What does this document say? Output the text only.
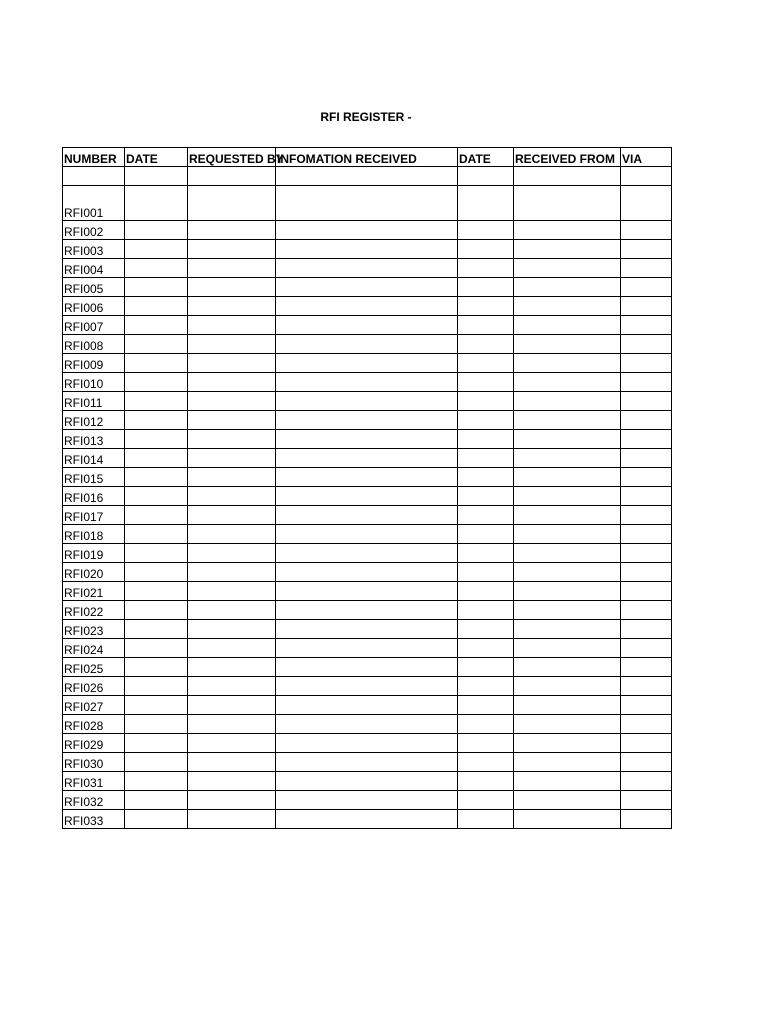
RFI REGISTER -
NUMBER	DATE	REQUESTED BY	INFOMATION RECEIVED	DATE	RECEIVED FROM	VIA

RFI001						
RFI002						
RFI003						
RFI004						
RFI005						
RFI006						
RFI007						
RFI008						
RFI009						
RFI010						
RFI011						
RFI012						
RFI013						
RFI014						
RFI015						
RFI016						
RFI017						
RFI018						
RFI019						
RFI020						
RFI021						
RFI022						
RFI023						
RFI024						
RFI025						
RFI026						
RFI027						
RFI028						
RFI029						
RFI030						
RFI031						
RFI032						
RFI033						
